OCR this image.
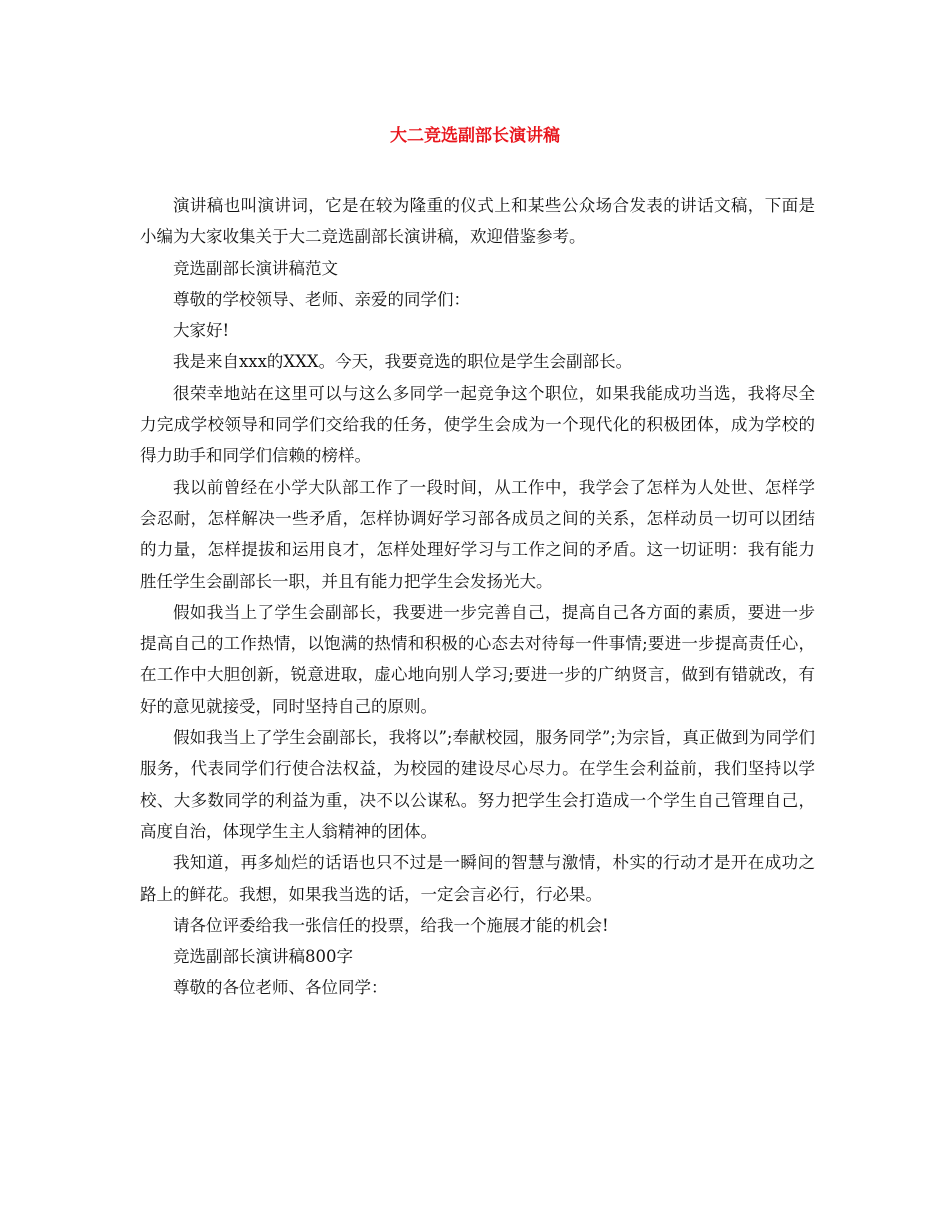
大二竞选副部长演讲稿

演讲稿也叫演讲词，它是在较为隆重的仪式上和某些公众场合发表的讲话文稿，下面是小编为大家收集关于大二竞选副部长演讲稿，欢迎借鉴参考。

竞选副部长演讲稿范文

尊敬的学校领导、老师、亲爱的同学们：

大家好!

我是来自xxx的XXX。今天，我要竞选的职位是学生会副部长。

很荣幸地站在这里可以与这么多同学一起竞争这个职位，如果我能成功当选，我将尽全力完成学校领导和同学们交给我的任务，使学生会成为一个现代化的积极团体，成为学校的得力助手和同学们信赖的榜样。

我以前曾经在小学大队部工作了一段时间，从工作中，我学会了怎样为人处世、怎样学会忍耐，怎样解决一些矛盾，怎样协调好学习部各成员之间的关系，怎样动员一切可以团结的力量，怎样提拔和运用良才，怎样处理好学习与工作之间的矛盾。这一切证明：我有能力胜任学生会副部长一职，并且有能力把学生会发扬光大。

假如我当上了学生会副部长，我要进一步完善自己，提高自己各方面的素质，要进一步提高自己的工作热情，以饱满的热情和积极的心态去对待每一件事情;要进一步提高责任心，在工作中大胆创新，锐意进取，虚心地向别人学习;要进一步的广纳贤言，做到有错就改，有好的意见就接受，同时坚持自己的原则。

假如我当上了学生会副部长，我将以”;奉献校园，服务同学”;为宗旨，真正做到为同学们服务，代表同学们行使合法权益，为校园的建设尽心尽力。在学生会利益前，我们坚持以学校、大多数同学的利益为重，决不以公谋私。努力把学生会打造成一个学生自己管理自己，高度自治，体现学生主人翁精神的团体。

我知道，再多灿烂的话语也只不过是一瞬间的智慧与激情，朴实的行动才是开在成功之路上的鲜花。我想，如果我当选的话，一定会言必行，行必果。

请各位评委给我一张信任的投票，给我一个施展才能的机会!

竞选副部长演讲稿800字

尊敬的各位老师、各位同学：
